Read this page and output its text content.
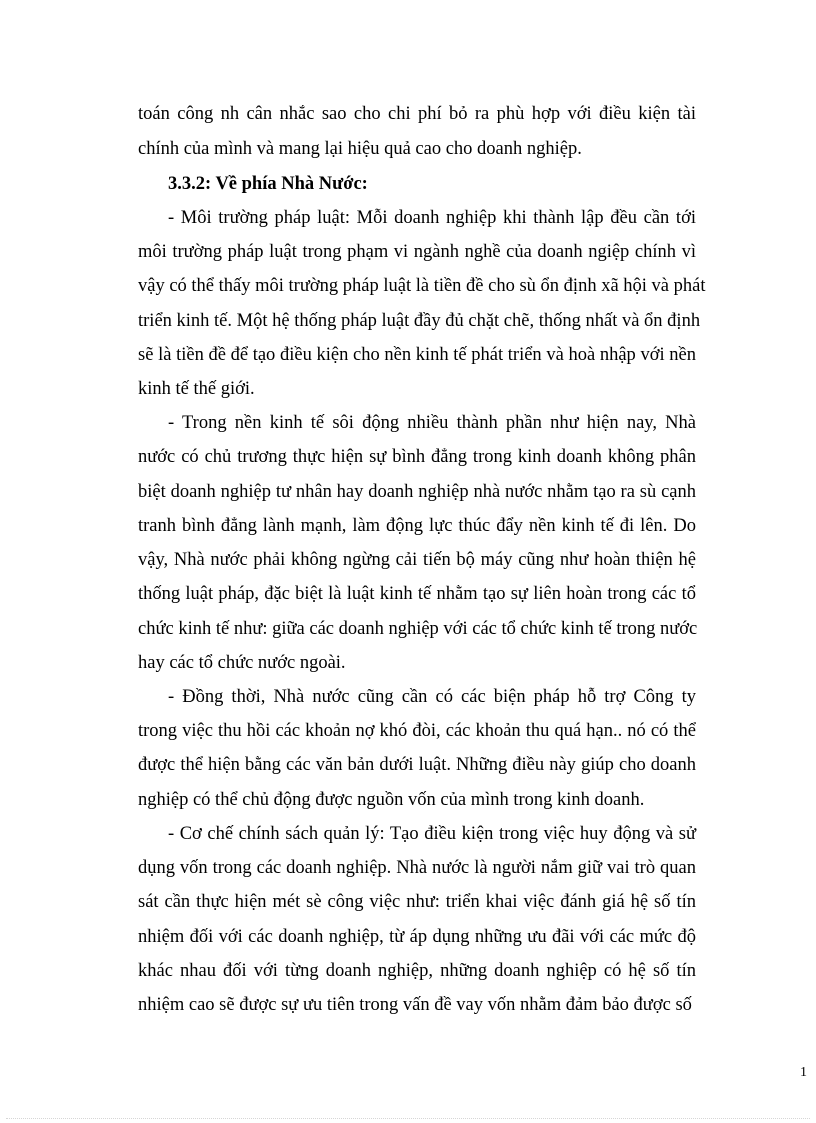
toán công nh cân nhắc sao cho chi phí bỏ ra phù hợp với điều kiện tài
chính của mình và mang lại hiệu quả cao cho doanh nghiệp.
3.3.2: Về phía Nhà Nước:
- Môi trường pháp luật: Mỗi doanh nghiệp khi thành lập đều cần tới
môi trường pháp luật trong phạm vi ngành nghề của doanh ngiệp chính vì
vậy có thể thấy môi trường pháp luật là tiền đề cho sù ổn định xã hội và phát
triển kinh tế. Một hệ thống pháp luật đầy đủ chặt chẽ, thống nhất và ổn định
sẽ là tiền đề để tạo điều kiện cho nền kinh tế phát triển và hoà nhập với nền
kinh tế thế giới.
- Trong nền kinh tế sôi động nhiều thành phần như hiện nay, Nhà
nước có chủ trương thực hiện sự bình đẳng trong kinh doanh không phân
biệt doanh nghiệp tư nhân hay doanh nghiệp nhà nước nhằm tạo ra sù cạnh
tranh bình đẳng lành mạnh, làm động lực thúc đẩy nền kinh tế đi lên. Do
vậy, Nhà nước phải không ngừng cải tiến bộ máy cũng như hoàn thiện hệ
thống luật pháp, đặc biệt là luật kinh tế nhằm tạo sự liên hoàn trong các tổ
chức kinh tế như: giữa các doanh nghiệp với các tổ chức kinh tế trong nước
hay các tổ chức nước ngoài.
- Đồng thời, Nhà nước cũng cần có các biện pháp hỗ trợ Công ty
trong việc thu hồi các khoản nợ khó đòi, các khoản thu quá hạn.. nó có thể
được thể hiện bằng các văn bản dưới luật. Những điều này giúp cho doanh
nghiệp có thể chủ động được nguồn vốn của mình trong kinh doanh.
- Cơ chế chính sách quản lý: Tạo điều kiện trong việc huy động và sử
dụng vốn trong các doanh nghiệp. Nhà nước là người nắm giữ vai trò quan
sát cần thực hiện mét sè công việc như: triển khai việc đánh giá hệ số tín
nhiệm đối với các doanh nghiệp, từ áp dụng những ưu đãi với các mức độ
khác nhau đối với từng doanh nghiệp, những doanh nghiệp có hệ số tín
nhiệm cao sẽ được sự ưu tiên trong vấn đề vay vốn nhằm đảm bảo được số
1
